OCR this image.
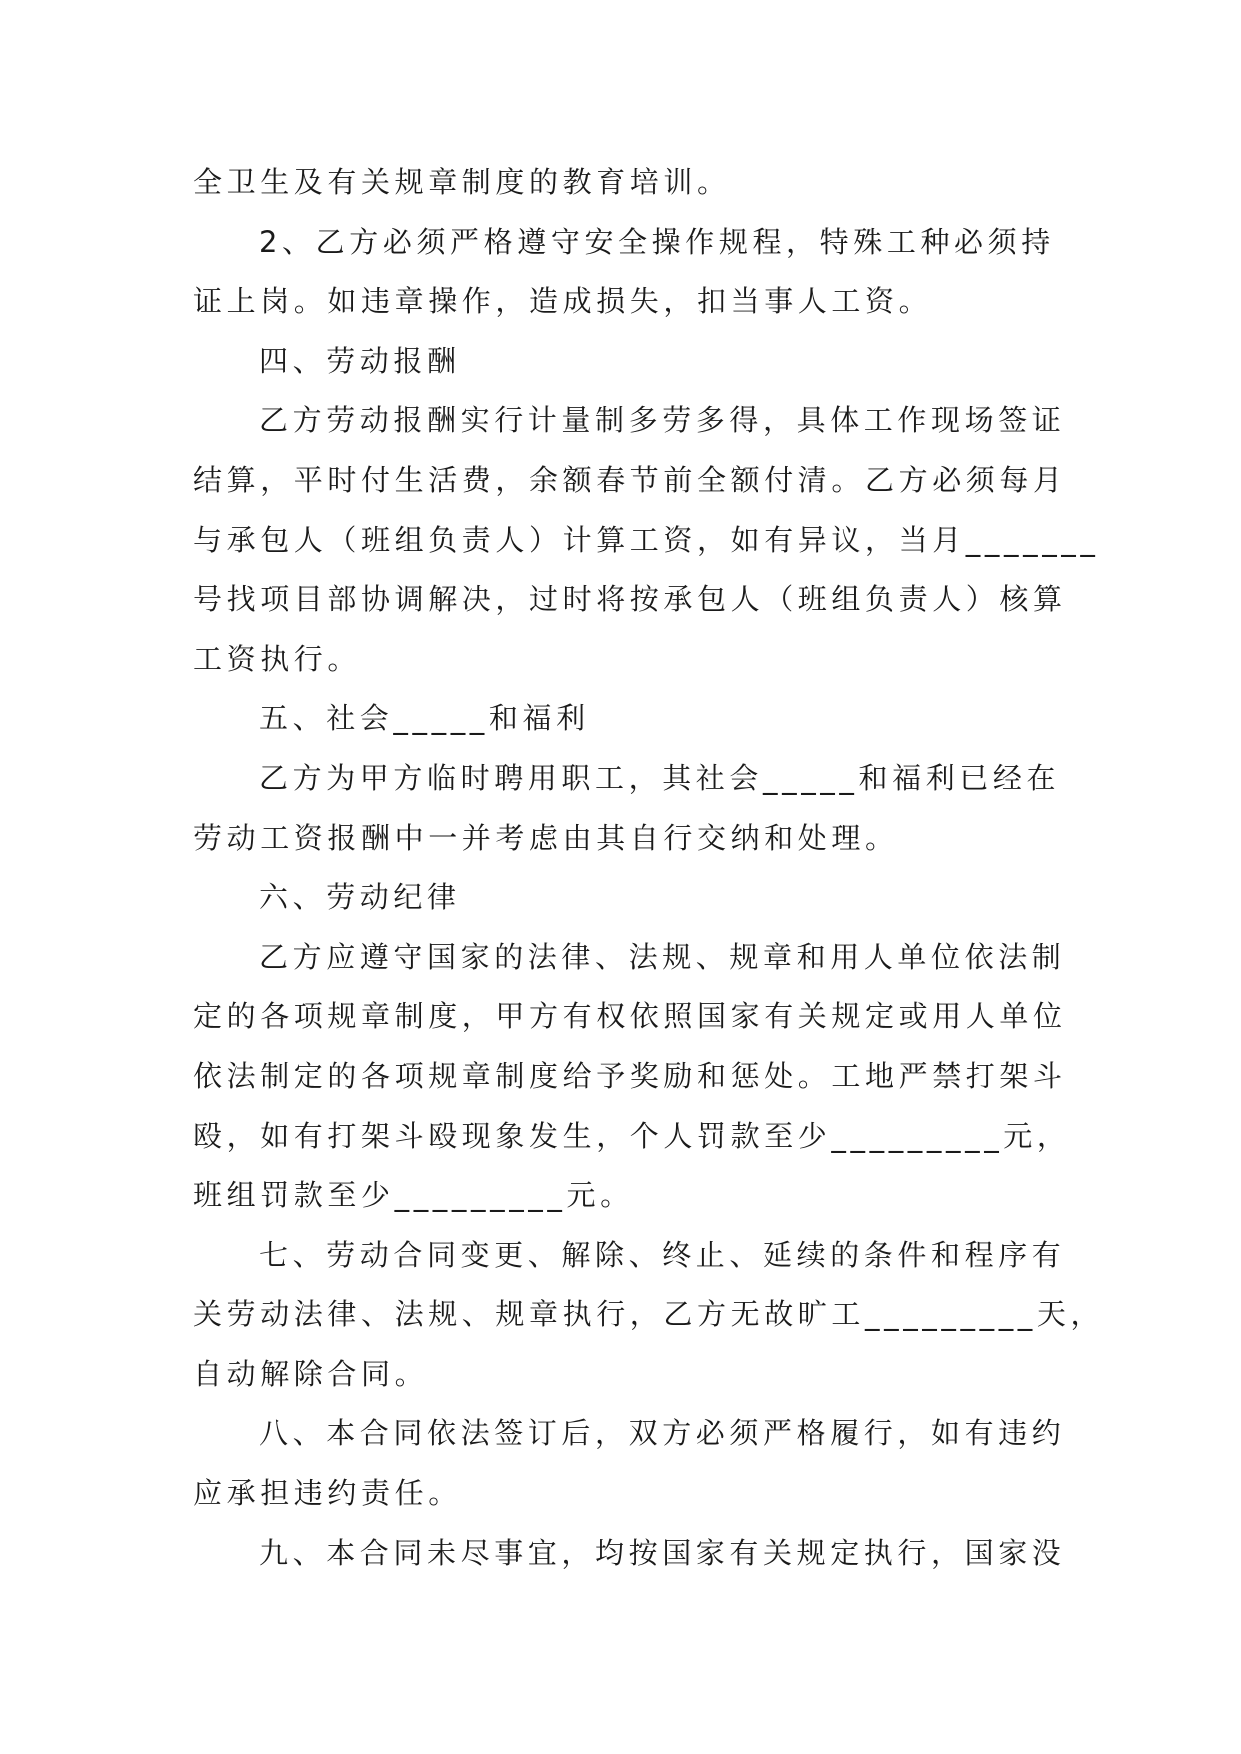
全卫生及有关规章制度的教育培训。
2、乙方必须严格遵守安全操作规程，特殊工种必须持
证上岗。如违章操作，造成损失，扣当事人工资。
四、劳动报酬
乙方劳动报酬实行计量制多劳多得，具体工作现场签证
结算，平时付生活费，余额春节前全额付清。乙方必须每月
与承包人（班组负责人）计算工资，如有异议，当月_______
号找项目部协调解决，过时将按承包人（班组负责人）核算
工资执行。
五、社会_____和福利
乙方为甲方临时聘用职工，其社会_____和福利已经在
劳动工资报酬中一并考虑由其自行交纳和处理。
六、劳动纪律
乙方应遵守国家的法律、法规、规章和用人单位依法制
定的各项规章制度，甲方有权依照国家有关规定或用人单位
依法制定的各项规章制度给予奖励和惩处。工地严禁打架斗
殴，如有打架斗殴现象发生，个人罚款至少_________元，
班组罚款至少_________元。
七、劳动合同变更、解除、终止、延续的条件和程序有
关劳动法律、法规、规章执行，乙方无故旷工_________天，
自动解除合同。
八、本合同依法签订后，双方必须严格履行，如有违约
应承担违约责任。
九、本合同未尽事宜，均按国家有关规定执行，国家没
